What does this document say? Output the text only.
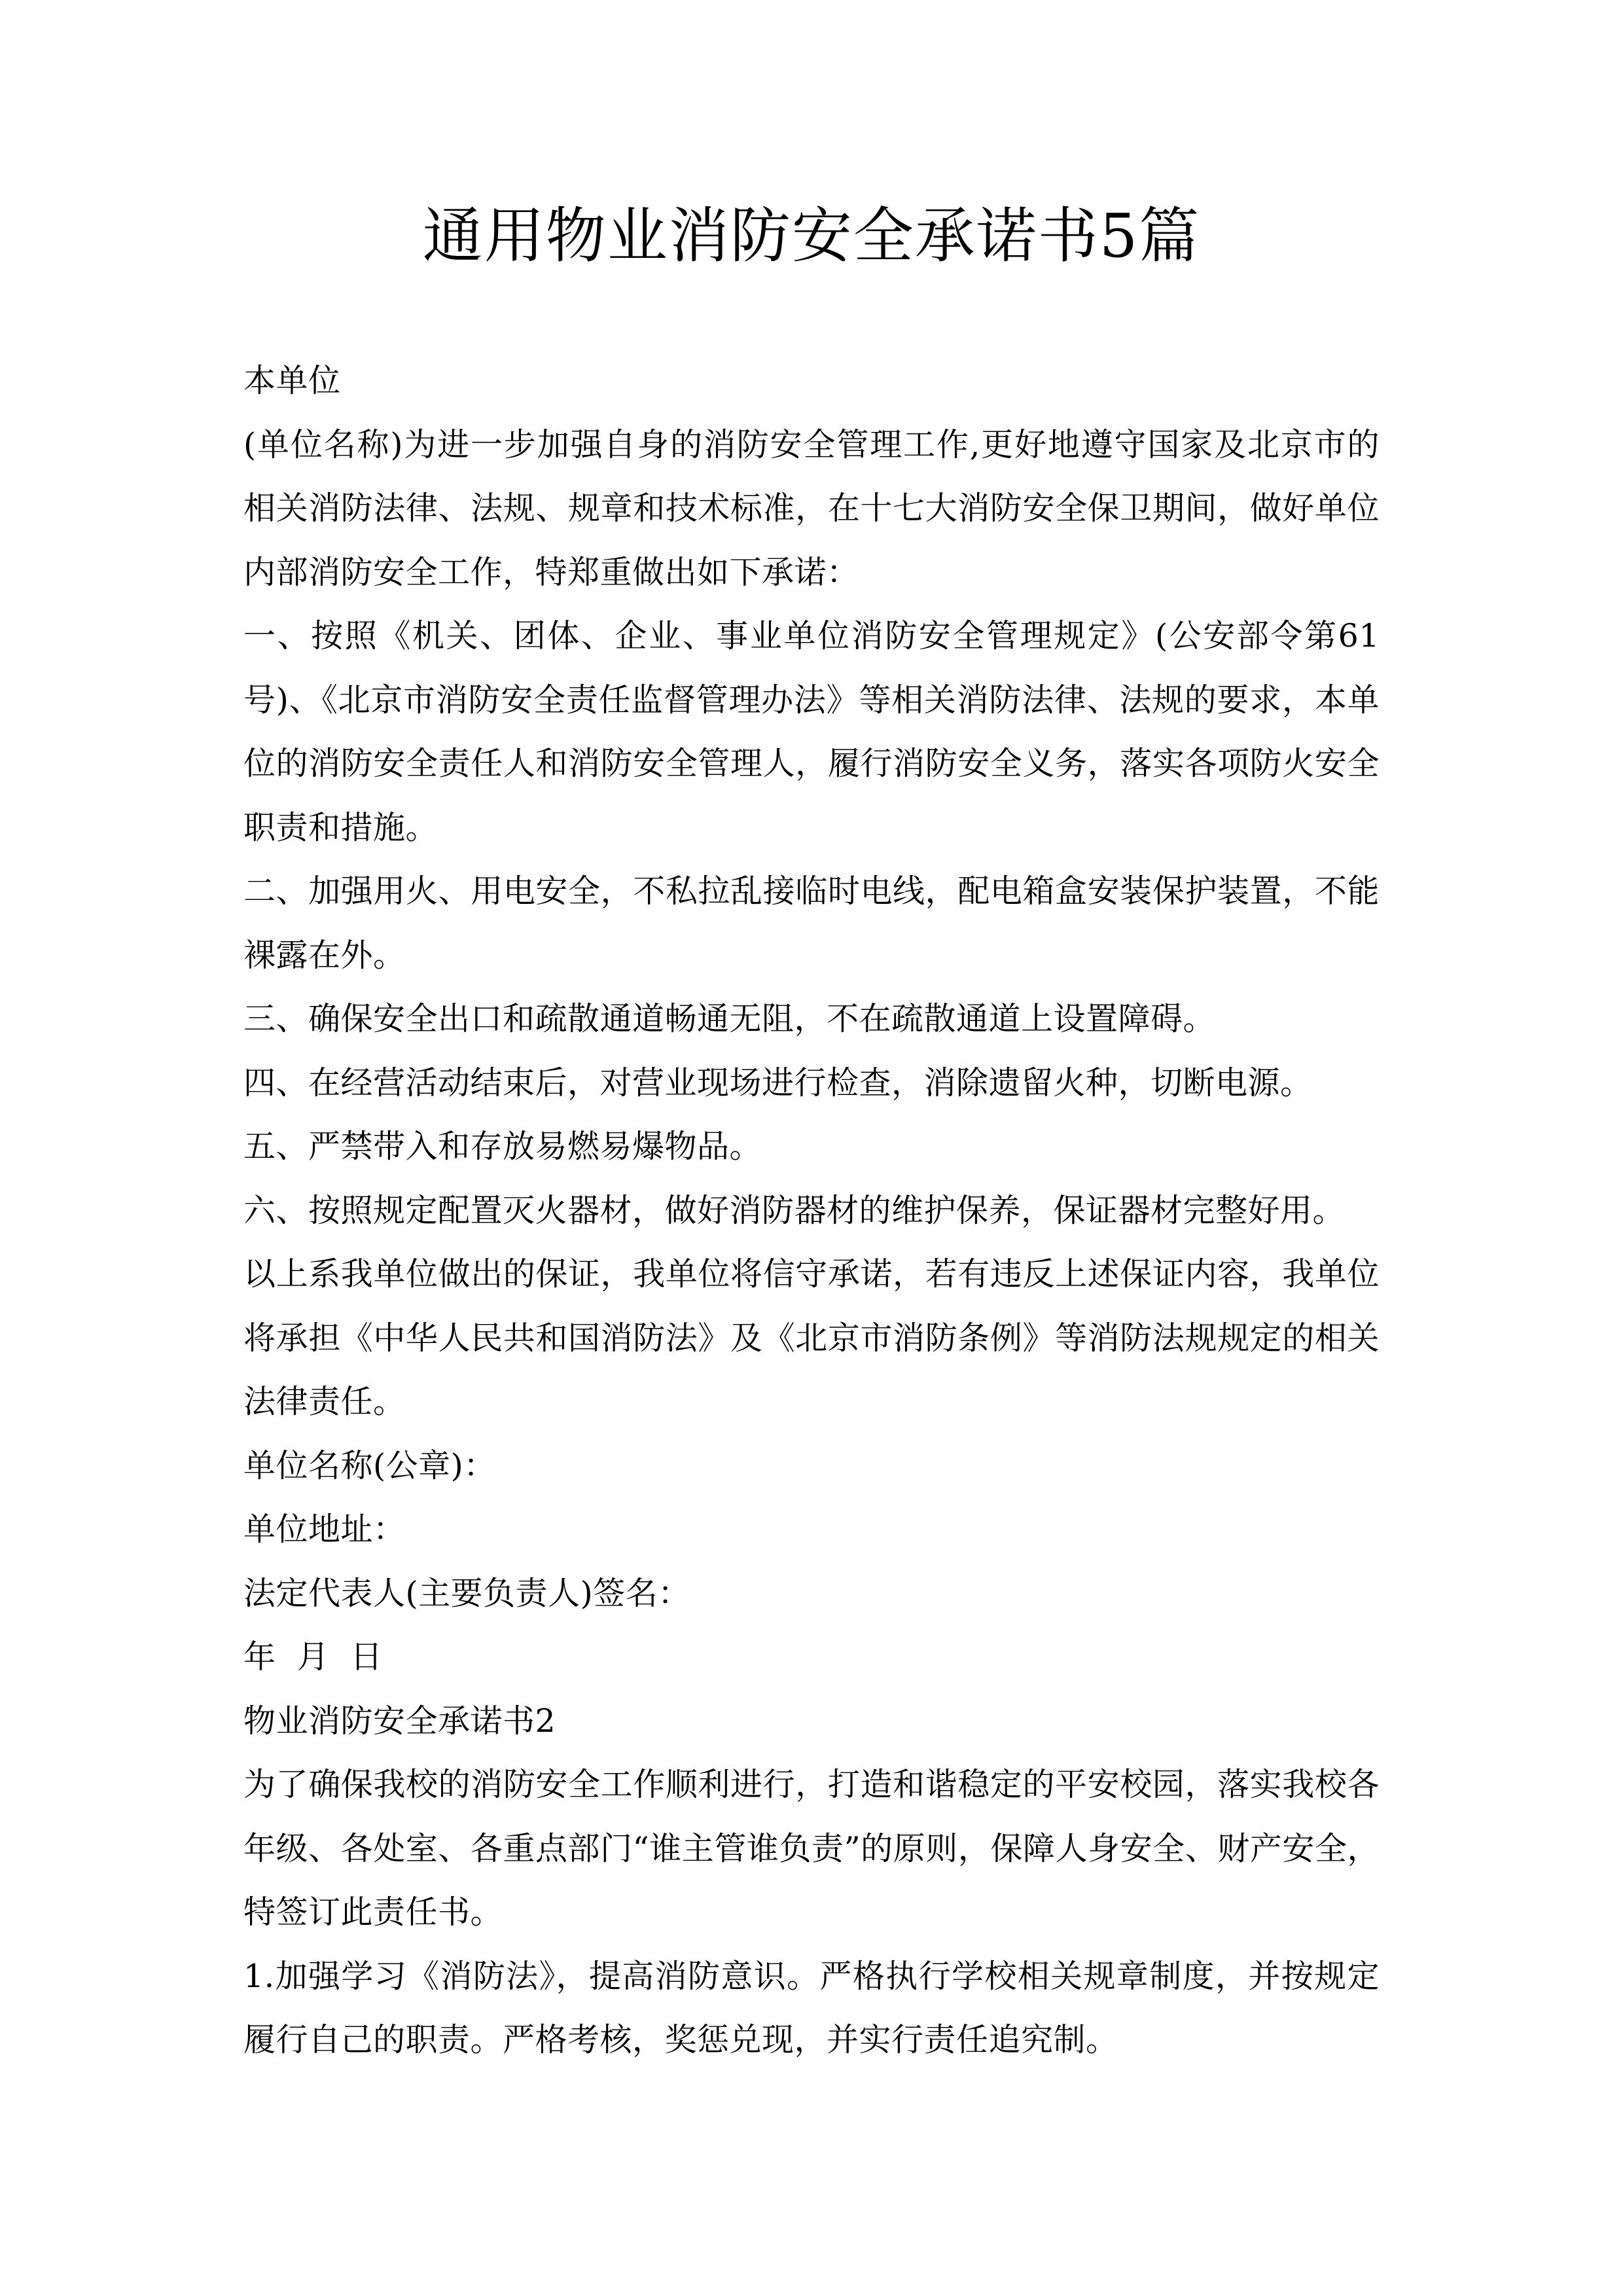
通用物业消防安全承诺书5篇
本单位
(单位名称)为进一步加强自身的消防安全管理工作,更好地遵守国家及北京市的
相关消防法律、法规、规章和技术标准，在十七大消防安全保卫期间，做好单位
内部消防安全工作，特郑重做出如下承诺：
一、按照《机关、团体、企业、事业单位消防安全管理规定》(公安部令第61
号)、《北京市消防安全责任监督管理办法》等相关消防法律、法规的要求，本单
位的消防安全责任人和消防安全管理人，履行消防安全义务，落实各项防火安全
职责和措施。
二、加强用火、用电安全，不私拉乱接临时电线，配电箱盒安装保护装置，不能
裸露在外。
三、确保安全出口和疏散通道畅通无阻，不在疏散通道上设置障碍。
四、在经营活动结束后，对营业现场进行检查，消除遗留火种，切断电源。
五、严禁带入和存放易燃易爆物品。
六、按照规定配置灭火器材，做好消防器材的维护保养，保证器材完整好用。
以上系我单位做出的保证，我单位将信守承诺，若有违反上述保证内容，我单位
将承担《中华人民共和国消防法》及《北京市消防条例》等消防法规规定的相关
法律责任。
单位名称(公章)：
单位地址：
法定代表人(主要负责人)签名：
年  月  日
物业消防安全承诺书2
为了确保我校的消防安全工作顺利进行，打造和谐稳定的平安校园，落实我校各
年级、各处室、各重点部门“谁主管谁负责”的原则，保障人身安全、财产安全，
特签订此责任书。
1.加强学习《消防法》，提高消防意识。严格执行学校相关规章制度，并按规定
履行自己的职责。严格考核，奖惩兑现，并实行责任追究制。
